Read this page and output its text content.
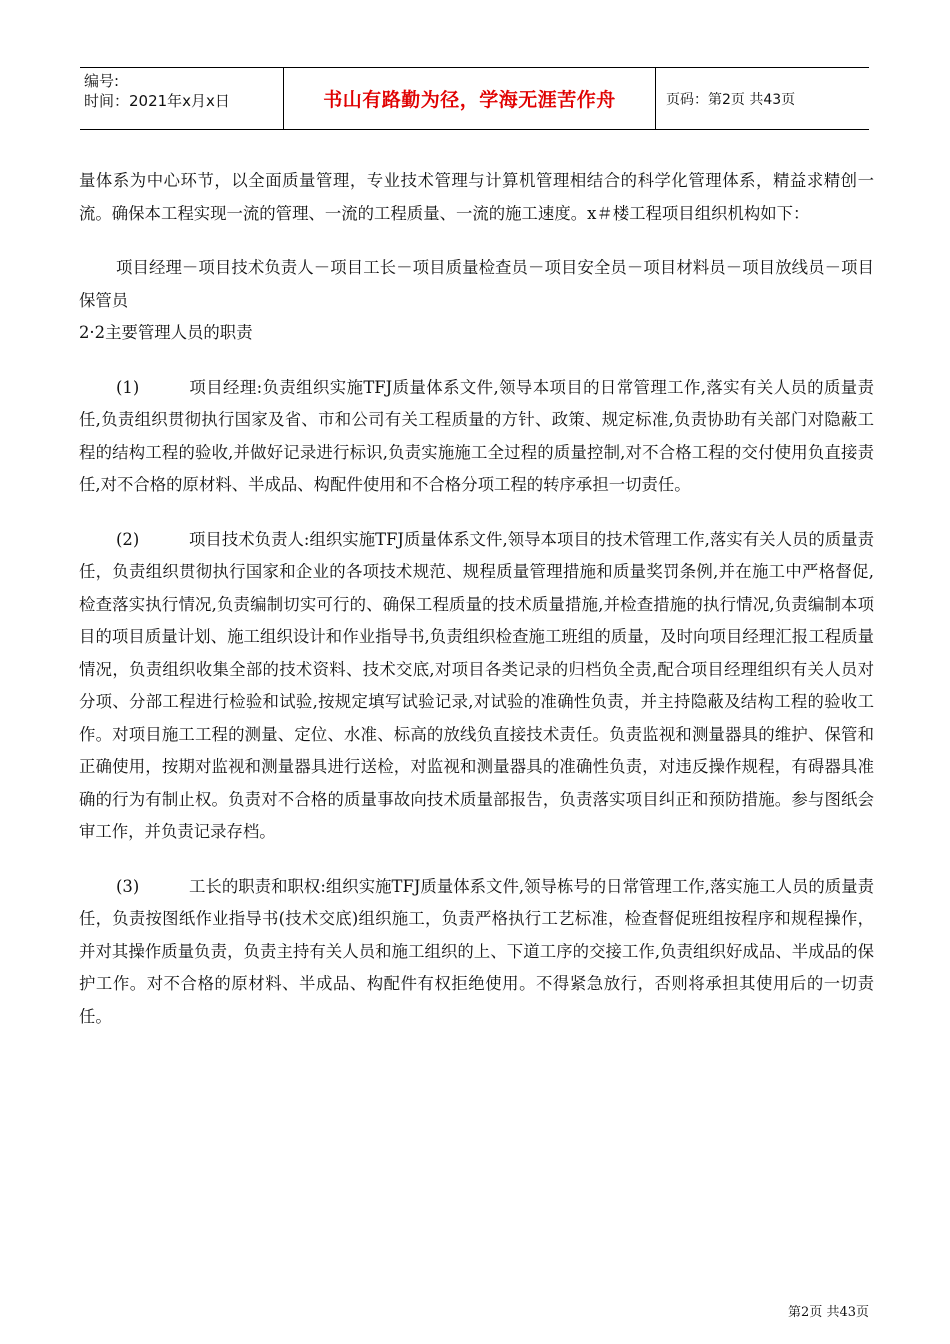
编号:
时间：2021年x月x日	书山有路勤为径，学海无涯苦作舟	页码：第2页 共43页

量体系为中心环节，以全面质量管理，专业技术管理与计算机管理相结合的科学化管理体系，精益求精创一流。确保本工程实现一流的管理、一流的工程质量、一流的施工速度。x＃楼工程项目组织机构如下：

项目经理－项目技术负责人－项目工长－项目质量检查员－项目安全员－项目材料员－项目放线员－项目保管员

2·2主要管理人员的职责

(1)	项目经理:负责组织实施TFJ质量体系文件,领导本项目的日常管理工作,落实有关人员的质量责任,负责组织贯彻执行国家及省、市和公司有关工程质量的方针、政策、规定标准,负责协助有关部门对隐蔽工程的结构工程的验收,并做好记录进行标识,负责实施施工全过程的质量控制,对不合格工程的交付使用负直接责任,对不合格的原材料、半成品、构配件使用和不合格分项工程的转序承担一切责任。

(2)	项目技术负责人:组织实施TFJ质量体系文件,领导本项目的技术管理工作,落实有关人员的质量责任，负责组织贯彻执行国家和企业的各项技术规范、规程质量管理措施和质量奖罚条例,并在施工中严格督促,检查落实执行情况,负责编制切实可行的、确保工程质量的技术质量措施,并检查措施的执行情况,负责编制本项目的项目质量计划、施工组织设计和作业指导书,负责组织检查施工班组的质量，及时向项目经理汇报工程质量情况，负责组织收集全部的技术资料、技术交底,对项目各类记录的归档负全责,配合项目经理组织有关人员对分项、分部工程进行检验和试验,按规定填写试验记录,对试验的准确性负责，并主持隐蔽及结构工程的验收工作。对项目施工工程的测量、定位、水准、标高的放线负直接技术责任。负责监视和测量器具的维护、保管和正确使用，按期对监视和测量器具进行送检，对监视和测量器具的准确性负责，对违反操作规程，有碍器具准确的行为有制止权。负责对不合格的质量事故向技术质量部报告，负责落实项目纠正和预防措施。参与图纸会审工作，并负责记录存档。

(3)	工长的职责和职权:组织实施TFJ质量体系文件,领导栋号的日常管理工作,落实施工人员的质量责任，负责按图纸作业指导书(技术交底)组织施工，负责严格执行工艺标准，检查督促班组按程序和规程操作，并对其操作质量负责，负责主持有关人员和施工组织的上、下道工序的交接工作,负责组织好成品、半成品的保护工作。对不合格的原材料、半成品、构配件有权拒绝使用。不得紧急放行，否则将承担其使用后的一切责任。

第2页 共43页
